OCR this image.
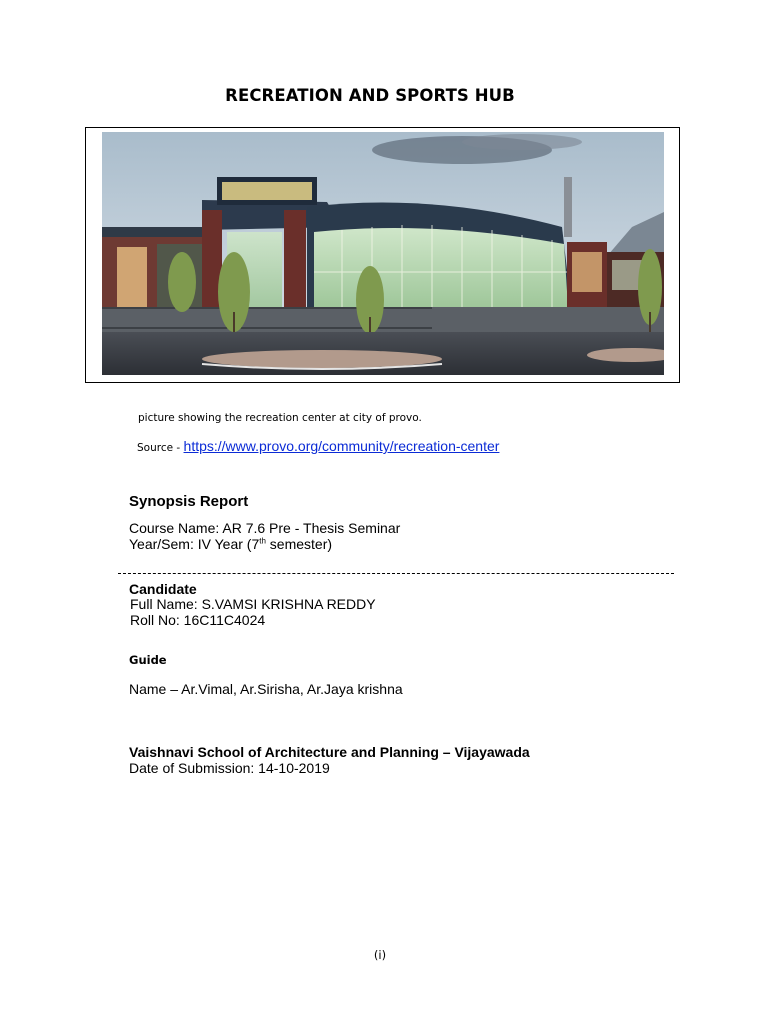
RECREATION AND SPORTS HUB
picture showing the recreation center at city of provo.
Source - https://www.provo.org/community/recreation-center
Synopsis Report
Course Name: AR 7.6 Pre - Thesis Seminar
Year/Sem: IV Year (7th semester)
Candidate
Full Name: S.VAMSI KRISHNA REDDY
Roll No: 16C11C4024
Guide
Name – Ar.Vimal, Ar.Sirisha, Ar.Jaya krishna
Vaishnavi School of Architecture and Planning – Vijayawada
Date of Submission: 14-10-2019
(i)
